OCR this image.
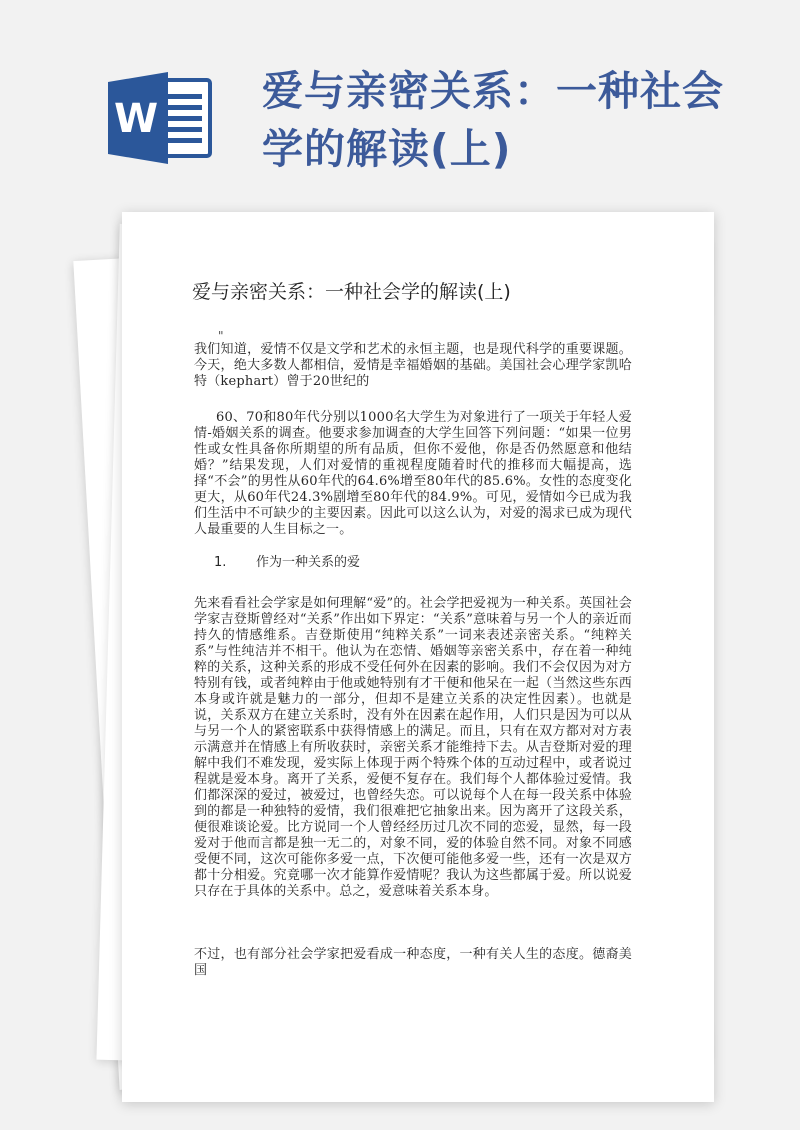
W
爱与亲密关系：一种社会学的解读(上)
爱与亲密关系：一种社会学的解读(上)
"
我们知道，爱情不仅是文学和艺术的永恒主题，也是现代科学的重要课题。今天，绝大多数人都相信，爱情是幸福婚姻的基础。美国社会心理学家凯哈特（kephart）曾于20世纪的
60、70和80年代分别以1000名大学生为对象进行了一项关于年轻人爱情-婚姻关系的调查。他要求参加调查的大学生回答下列问题：“如果一位男性或女性具备你所期望的所有品质，但你不爱他，你是否仍然愿意和他结婚？”结果发现，人们对爱情的重视程度随着时代的推移而大幅提高，选择“不会”的男性从60年代的64.6%增至80年代的85.6%。女性的态度变化更大，从60年代24.3%剧增至80年代的84.9%。可见，爱情如今已成为我们生活中不可缺少的主要因素。因此可以这么认为，对爱的渴求已成为现代人最重要的人生目标之一。
1. 作为一种关系的爱
先来看看社会学家是如何理解“爱”的。社会学把爱视为一种关系。英国社会学家吉登斯曾经对“关系”作出如下界定：“关系”意味着与另一个人的亲近而持久的情感维系。吉登斯使用“纯粹关系”一词来表述亲密关系。“纯粹关系”与性纯洁并不相干。他认为在恋情、婚姻等亲密关系中，存在着一种纯粹的关系，这种关系的形成不受任何外在因素的影响。我们不会仅因为对方特别有钱，或者纯粹由于他或她特别有才干便和他呆在一起（当然这些东西本身或许就是魅力的一部分，但却不是建立关系的决定性因素）。也就是说，关系双方在建立关系时，没有外在因素在起作用，人们只是因为可以从与另一个人的紧密联系中获得情感上的满足。而且，只有在双方都对对方表示满意并在情感上有所收获时，亲密关系才能维持下去。从吉登斯对爱的理解中我们不难发现，爱实际上体现于两个特殊个体的互动过程中，或者说过程就是爱本身。离开了关系，爱便不复存在。我们每个人都体验过爱情。我们都深深的爱过，被爱过，也曾经失恋。可以说每个人在每一段关系中体验到的都是一种独特的爱情，我们很难把它抽象出来。因为离开了这段关系，便很难谈论爱。比方说同一个人曾经经历过几次不同的恋爱，显然，每一段爱对于他而言都是独一无二的，对象不同，爱的体验自然不同。对象不同感受便不同，这次可能你多爱一点，下次便可能他多爱一些，还有一次是双方都十分相爱。究竟哪一次才能算作爱情呢？我认为这些都属于爱。所以说爱只存在于具体的关系中。总之，爱意味着关系本身。
不过，也有部分社会学家把爱看成一种态度，一种有关人生的态度。德裔美国
